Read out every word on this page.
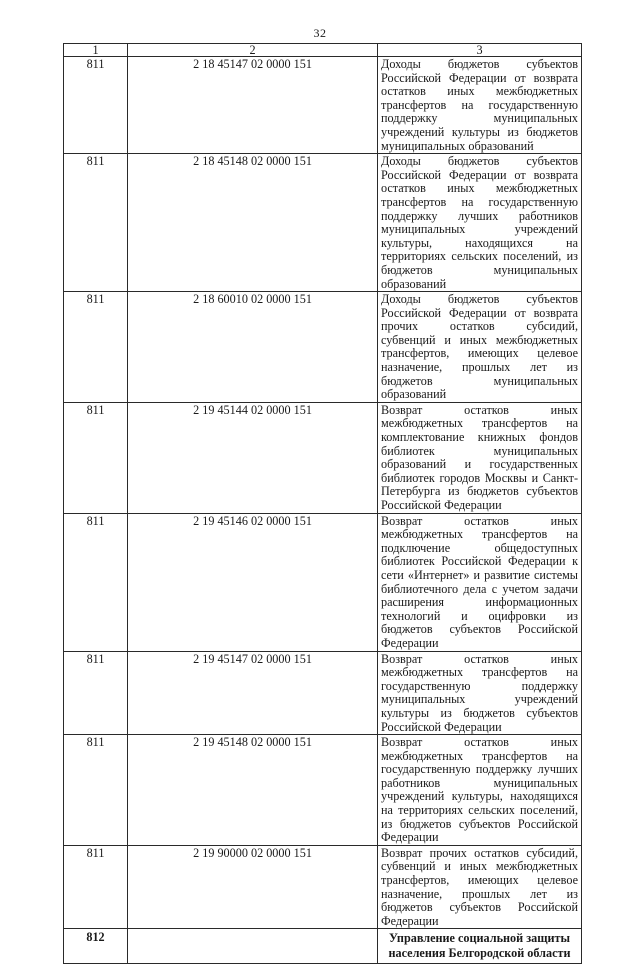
32
1	2	3
811	2 18 45147 02 0000 151	Доходы бюджетов субъектов Российской Федерации от возврата остатков иных межбюджетных трансфертов на государственную поддержку муниципальных учреждений культуры из бюджетов муниципальных образований
811	2 18 45148 02 0000 151	Доходы бюджетов субъектов Российской Федерации от возврата остатков иных межбюджетных трансфертов на государственную поддержку лучших работников муниципальных учреждений культуры, находящихся на территориях сельских поселений, из бюджетов муниципальных образований
811	2 18 60010 02 0000 151	Доходы бюджетов субъектов Российской Федерации от возврата прочих остатков субсидий, субвенций и иных межбюджетных трансфертов, имеющих целевое назначение, прошлых лет из бюджетов муниципальных образований
811	2 19 45144 02 0000 151	Возврат остатков иных межбюджетных трансфертов на комплектование книжных фондов библиотек муниципальных образований и государственных библиотек городов Москвы и Санкт-Петербурга из бюджетов субъектов Российской Федерации
811	2 19 45146 02 0000 151	Возврат остатков иных межбюджетных трансфертов на подключение общедоступных библиотек Российской Федерации к сети «Интернет» и развитие системы библиотечного дела с учетом задачи расширения информационных технологий и оцифровки из бюджетов субъектов Российской Федерации
811	2 19 45147 02 0000 151	Возврат остатков иных межбюджетных трансфертов на государственную поддержку муниципальных учреждений культуры из бюджетов субъектов Российской Федерации
811	2 19 45148 02 0000 151	Возврат остатков иных межбюджетных трансфертов на государственную поддержку лучших работников муниципальных учреждений культуры, находящихся на территориях сельских поселений, из бюджетов субъектов Российской Федерации
811	2 19 90000 02 0000 151	Возврат прочих остатков субсидий, субвенций и иных межбюджетных трансфертов, имеющих целевое назначение, прошлых лет из бюджетов субъектов Российской Федерации
812		Управление социальной защиты населения Белгородской области
